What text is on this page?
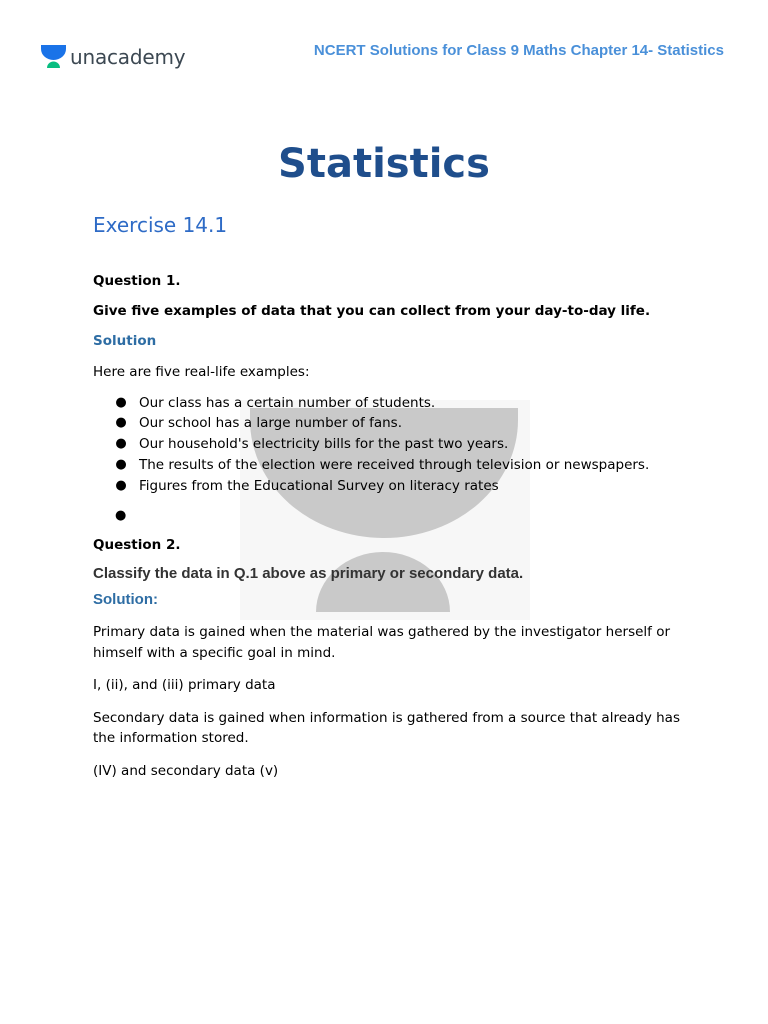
unacademy	NCERT Solutions for Class 9 Maths Chapter 14- Statistics
Statistics
Exercise 14.1
Question 1.
Give five examples of data that you can collect from your day-to-day life.
Solution
Here are five real-life examples:
● Our class has a certain number of students.
● Our school has a large number of fans.
● Our household's electricity bills for the past two years.
● The results of the election were received through television or newspapers.
● Figures from the Educational Survey on literacy rates
●
Question 2.
Classify the data in Q.1 above as primary or secondary data.
Solution:
Primary data is gained when the material was gathered by the investigator herself or himself with a specific goal in mind.
I, (ii), and (iii) primary data
Secondary data is gained when information is gathered from a source that already has the information stored.
(IV) and secondary data (v)
